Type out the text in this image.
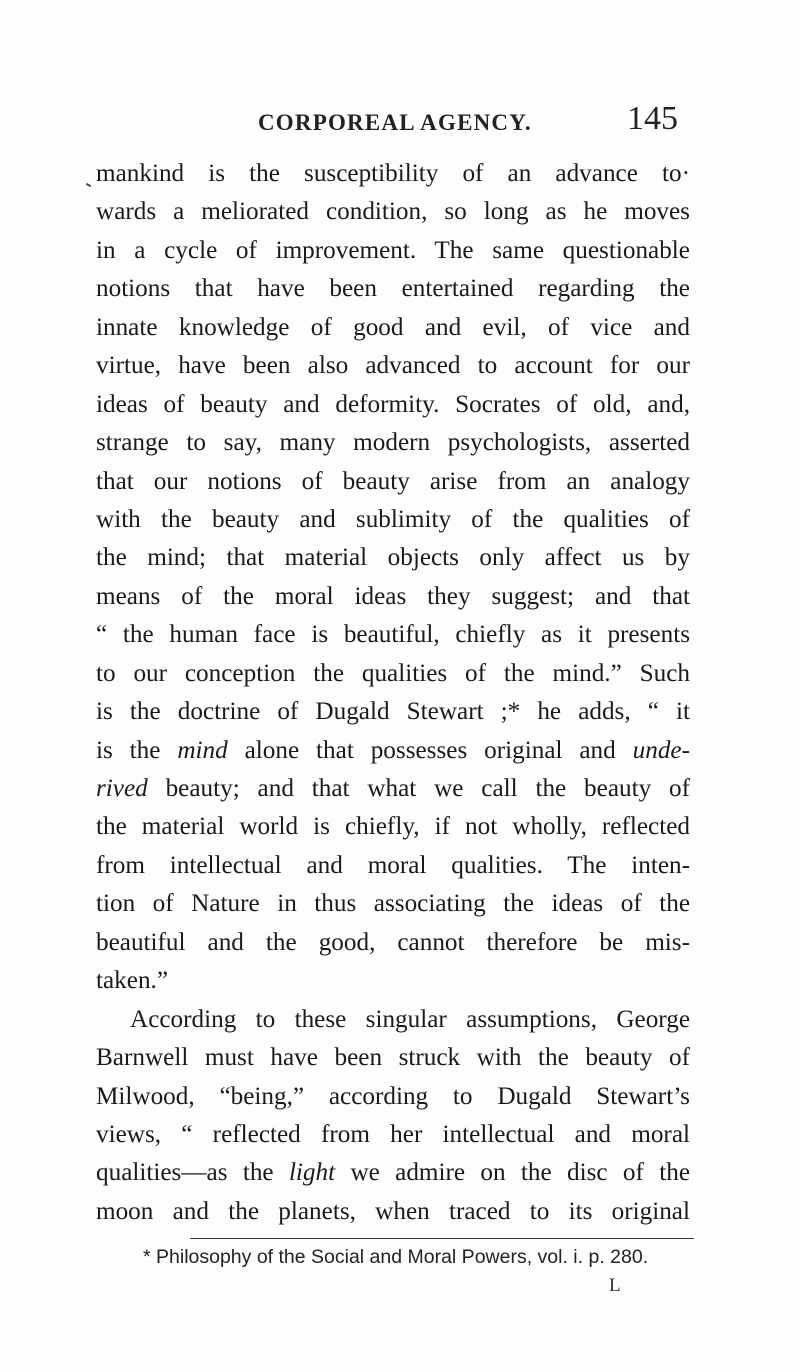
CORPOREAL AGENCY.	145
mankind is the susceptibility of an advance to·
wards a meliorated condition, so long as he moves
in a cycle of improvement. The same questionable
notions that have been entertained regarding the
innate knowledge of good and evil, of vice and
virtue, have been also advanced to account for our
ideas of beauty and deformity. Socrates of old, and,
strange to say, many modern psychologists, asserted
that our notions of beauty arise from an analogy
with the beauty and sublimity of the qualities of
the mind; that material objects only affect us by
means of the moral ideas they suggest; and that
“ the human face is beautiful, chiefly as it presents
to our conception the qualities of the mind.” Such
is the doctrine of Dugald Stewart ;* he adds, “ it
is the mind alone that possesses original and unde-
rived beauty; and that what we call the beauty of
the material world is chiefly, if not wholly, reflected
from intellectual and moral qualities. The inten-
tion of Nature in thus associating the ideas of the
beautiful and the good, cannot therefore be mis-
taken.”
According to these singular assumptions, George
Barnwell must have been struck with the beauty of
Milwood, “being,” according to Dugald Stewart’s
views, “ reflected from her intellectual and moral
qualities—as the light we admire on the disc of the
moon and the planets, when traced to its original
* Philosophy of the Social and Moral Powers, vol. i. p. 280.
L
